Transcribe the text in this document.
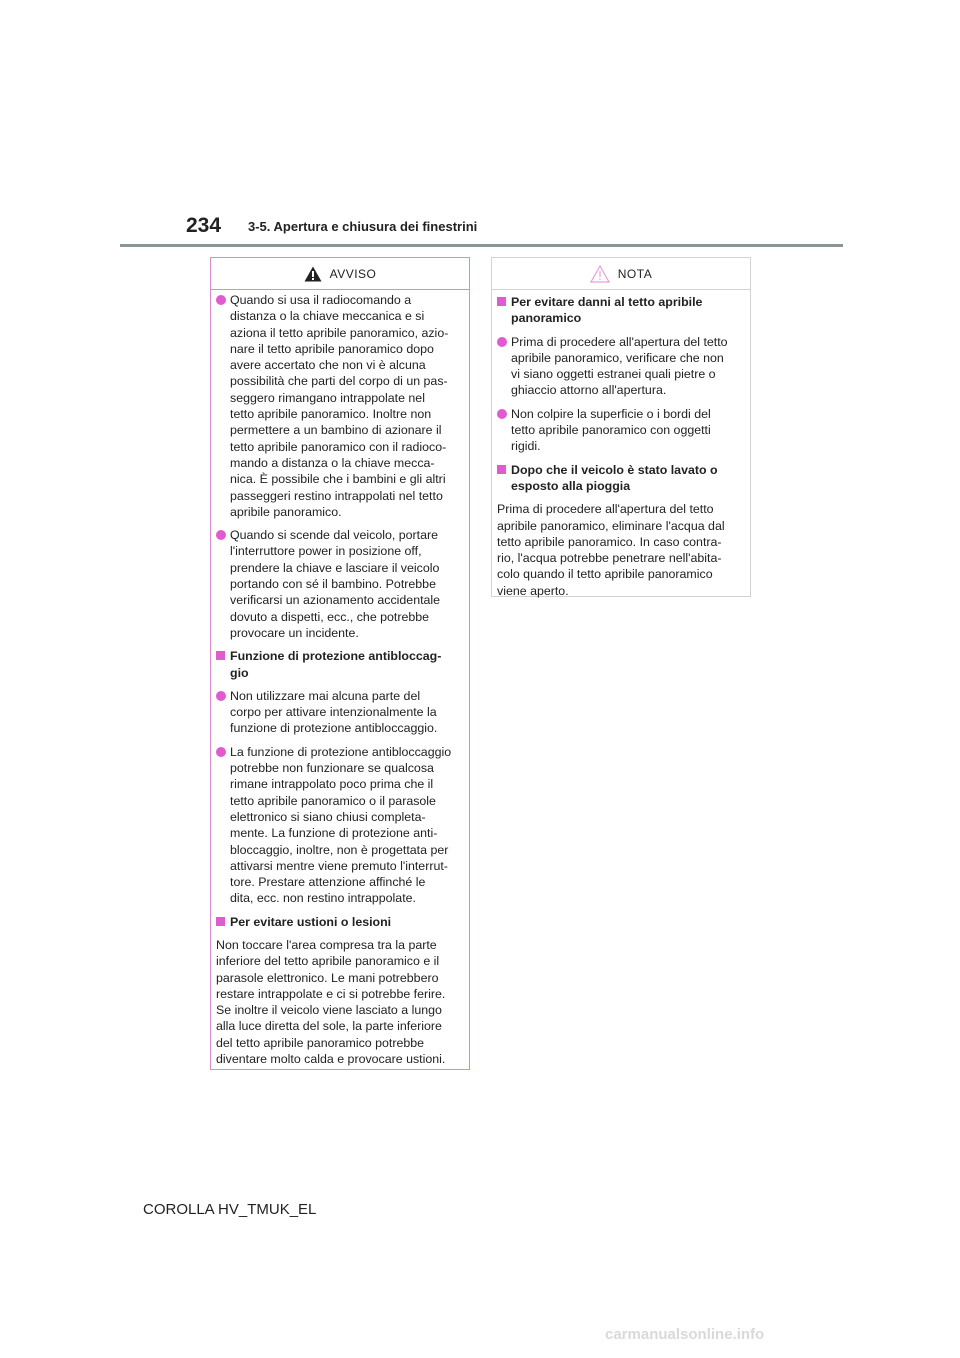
234 3-5. Apertura e chiusura dei finestrini
AVVISO
Quando si usa il radiocomando a
distanza o la chiave meccanica e si
aziona il tetto apribile panoramico, azio-
nare il tetto apribile panoramico dopo
avere accertato che non vi è alcuna
possibilità che parti del corpo di un pas-
seggero rimangano intrappolate nel
tetto apribile panoramico. Inoltre non
permettere a un bambino di azionare il
tetto apribile panoramico con il radioco-
mando a distanza o la chiave mecca-
nica. È possibile che i bambini e gli altri
passeggeri restino intrappolati nel tetto
apribile panoramico.
Quando si scende dal veicolo, portare
l'interruttore power in posizione off,
prendere la chiave e lasciare il veicolo
portando con sé il bambino. Potrebbe
verificarsi un azionamento accidentale
dovuto a dispetti, ecc., che potrebbe
provocare un incidente.
Funzione di protezione antibloccag-
gio
Non utilizzare mai alcuna parte del
corpo per attivare intenzionalmente la
funzione di protezione antibloccaggio.
La funzione di protezione antibloccaggio
potrebbe non funzionare se qualcosa
rimane intrappolato poco prima che il
tetto apribile panoramico o il parasole
elettronico si siano chiusi completa-
mente. La funzione di protezione anti-
bloccaggio, inoltre, non è progettata per
attivarsi mentre viene premuto l'interrut-
tore. Prestare attenzione affinché le
dita, ecc. non restino intrappolate.
Per evitare ustioni o lesioni
Non toccare l'area compresa tra la parte
inferiore del tetto apribile panoramico e il
parasole elettronico. Le mani potrebbero
restare intrappolate e ci si potrebbe ferire.
Se inoltre il veicolo viene lasciato a lungo
alla luce diretta del sole, la parte inferiore
del tetto apribile panoramico potrebbe
diventare molto calda e provocare ustioni.
NOTA
Per evitare danni al tetto apribile
panoramico
Prima di procedere all'apertura del tetto
apribile panoramico, verificare che non
vi siano oggetti estranei quali pietre o
ghiaccio attorno all'apertura.
Non colpire la superficie o i bordi del
tetto apribile panoramico con oggetti
rigidi.
Dopo che il veicolo è stato lavato o
esposto alla pioggia
Prima di procedere all'apertura del tetto
apribile panoramico, eliminare l'acqua dal
tetto apribile panoramico. In caso contra-
rio, l'acqua potrebbe penetrare nell'abita-
colo quando il tetto apribile panoramico
viene aperto.
COROLLA HV_TMUK_EL
carmanualsonline.info
